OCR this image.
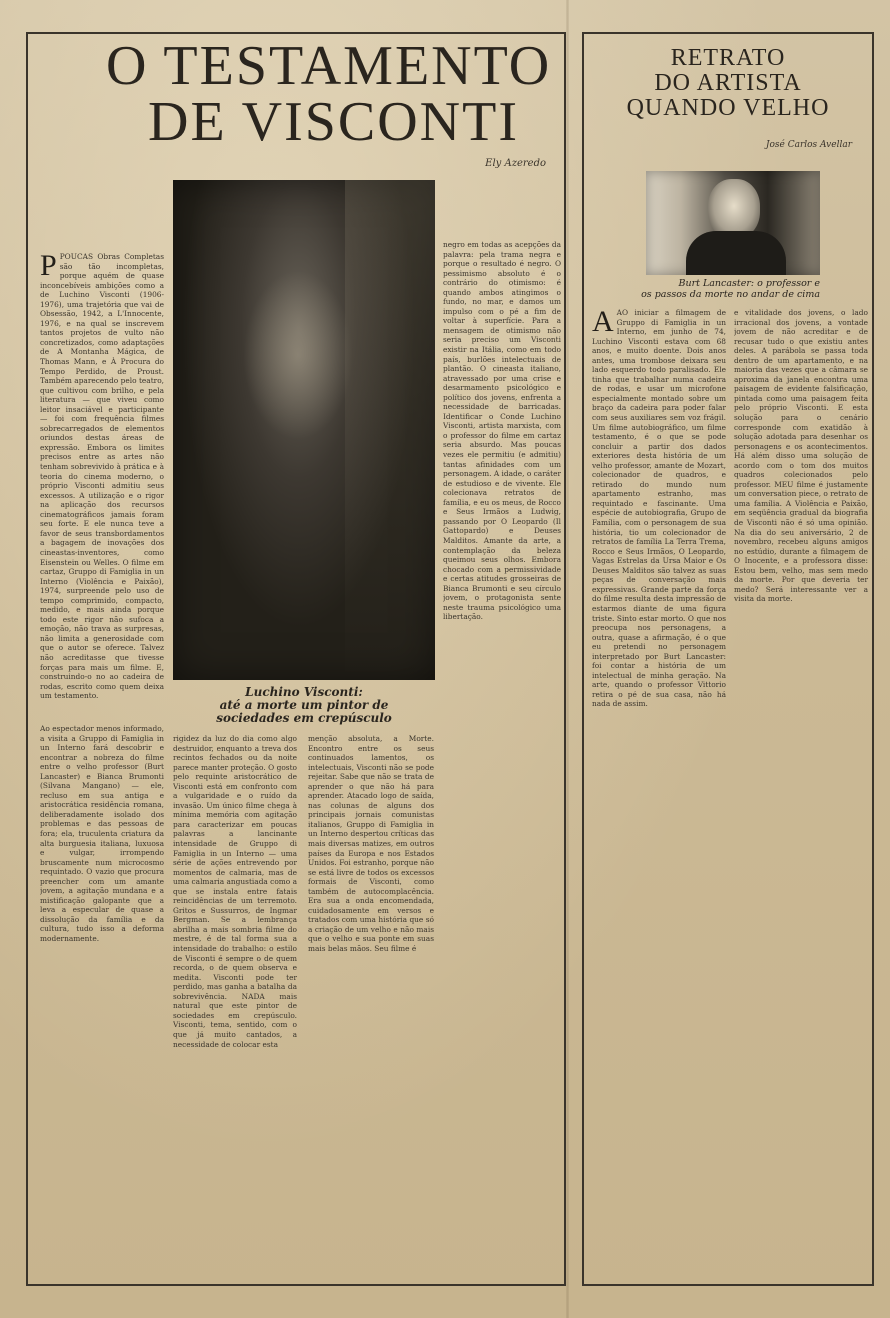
O TESTAMENTO
DE VISCONTI
Ely Azeredo
Luchino Visconti:
até a morte um pintor de
sociedades em crepúsculo
P POUCAS Obras Completas são tão incompletas, porque aquém de quase inconcebíveis ambições como a de Luchino Visconti (1906-1976), uma trajetória que vai de Obsessão, 1942, a L'Innocente, 1976, e na qual se inscrevem tantos projetos de vulto não concretizados, como adaptações de A Montanha Mágica, de Thomas Mann, e À Procura do Tempo Perdido, de Proust. Também aparecendo pelo teatro, que cultivou com brilho, e pela literatura — que viveu como leitor insaciável e participante — foi com frequência filmes sobrecarregados de elementos oriundos destas áreas de expressão. Embora os limites precisos entre as artes não tenham sobrevivido à prática e à teoria do cinema moderno, o próprio Visconti admitiu seus excessos. A utilização e o rigor na aplicação dos recursos cinematográficos jamais foram seu forte. E ele nunca teve a favor de seus transbordamentos a bagagem de inovações dos cineastas-inventores, como Eisenstein ou Welles. O filme em cartaz, Gruppo di Famiglia in un Interno (Violência e Paixão), 1974, surpreende pelo uso de tempo comprimido, compacto, medido, e mais ainda porque todo este rigor não sufoca a emoção, não trava as surpresas, não limita a generosidade com que o autor se oferece. Talvez não acreditasse que tivesse forças para mais um filme. E, construindo-o no ao cadeira de rodas, escrito como quem deixa um testamento.
Ao espectador menos informado, a visita a Gruppo di Famiglia in un Interno fará descobrir e encontrar a nobreza do filme entre o velho professor (Burt Lancaster) e Bianca Brumonti (Silvana Mangano) — ele, recluso em sua antiga e aristocrática residência romana, deliberadamente isolado dos problemas e das pessoas de fora; ela, truculenta criatura da alta burguesia italiana, luxuosa e vulgar, irrompendo bruscamente num microcosmo requintado. O vazio que procura preencher com um amante jovem, a agitação mundana e a mistificação galopante que a leva a especular de quase a dissolução da família e da cultura, tudo isso a deforma modernamente.
rigidez da luz do dia como algo destruidor, enquanto a treva dos recintos fechados ou da noite parece manter proteção. O gosto pelo requinte aristocrático de Visconti está em confronto com a vulgaridade e o ruído da invasão. Um único filme chega à mínima memória com agitação para caracterizar em poucas palavras a lancinante intensidade de Gruppo di Famiglia in un Interno — uma série de ações entrevendo por momentos de calmaria, mas de uma calmaria angustiada como a que se instala entre fatais reincidências de um terremoto. Gritos e Sussurros, de Ingmar Bergman. Se a lembrança abrilha a mais sombria filme do mestre, é de tal forma sua a intensidade do trabalho: o estilo de Visconti é sempre o de quem recorda, o de quem observa e medita. Visconti pode ter perdido, mas ganha a batalha da sobrevivência. NADA mais natural que este pintor de sociedades em crepúsculo. Visconti, tema, sentido, com o que já muito cantados, a necessidade de colocar esta
negro em todas as acepções da palavra: pela trama negra e porque o resultado é negro. O pessimismo absoluto é o contrário do otimismo: é quando ambos atingimos o fundo, no mar, e damos um impulso com o pé a fim de voltar à superfície. Para a mensagem de otimismo não seria preciso um Visconti existir na Itália, como em todo país, burlões intelectuais de plantão. O cineasta italiano, atravessado por uma crise e desarmamento psicológico e político dos jovens, enfrenta a necessidade de barricadas. Identificar o Conde Luchino Visconti, artista marxista, com o professor do filme em cartaz seria absurdo. Mas poucas vezes ele permitiu (e admitiu) tantas afinidades com um personagem. A idade, o caráter de estudioso e de vivente. Ele colecionava retratos de família, e eu os meus, de Rocco e Seus Irmãos a Ludwig, passando por O Leopardo (Il Gattopardo) e Deuses Malditos. Amante da arte, a contemplação da beleza queimou seus olhos. Embora chocado com a permissividade e certas atitudes grosseiras de Bianca Brumonti e seu círculo jovem, o protagonista sente neste trauma psicológico uma libertação.
menção absoluta, a Morte. Encontro entre os seus continuados lamentos, os intelectuais, Visconti não se pode rejeitar. Sabe que não se trata de aprender o que não há para aprender. Atacado logo de saída, nas colunas de alguns dos principais jornais comunistas italianos, Gruppo di Famiglia in un Interno despertou críticas das mais diversas matizes, em outros países da Europa e nos Estados Unidos. Foi estranho, porque não se está livre de todos os excessos formais de Visconti, como também de autocomplacência. Era sua a onda encomendada, cuidadosamente em versos e tratados com uma história que só a criação de um velho e não mais que o velho e sua ponte em suas mais belas mãos. Seu filme é
RETRATO
DO ARTISTA
QUANDO VELHO
José Carlos Avellar
Burt Lancaster: o professor e
os passos da morte no andar de cima
A AO iniciar a filmagem de Gruppo di Famiglia in un Interno, em junho de 74, Luchino Visconti estava com 68 anos, e muito doente. Dois anos antes, uma trombose deixara seu lado esquerdo todo paralisado. Ele tinha que trabalhar numa cadeira de rodas, e usar um microfone especialmente montado sobre um braço da cadeira para poder falar com seus auxiliares sem voz frágil. Um filme autobiográfico, um filme testamento, é o que se pode concluir a partir dos dados exteriores desta história de um velho professor, amante de Mozart, colecionador de quadros, e retirado do mundo num apartamento estranho, mas requintado e fascinante. Uma espécie de autobiografia, Grupo de Família, com o personagem de sua história, tio um colecionador de retratos de família La Terra Trema, Rocco e Seus Irmãos, O Leopardo, Vagas Estrelas da Ursa Maior e Os Deuses Malditos são talvez as suas peças de conversação mais expressivas. Grande parte da força do filme resulta desta impressão de estarmos diante de uma figura triste. Sinto estar morto. O que nos preocupa nos personagens, a outra, quase a afirmação, é o que eu pretendi no personagem interpretado por Burt Lancaster: foi contar a história de um intelectual de minha geração. Na arte, quando o professor Vittorio retira o pé de sua casa, não há nada de assim.
e vitalidade dos jovens, o lado irracional dos jovens, a vontade jovem de não acreditar e de recusar tudo o que existiu antes deles. A parábola se passa toda dentro de um apartamento, e na maioria das vezes que a câmara se aproxima da janela encontra uma paisagem de evidente falsificação, pintada como uma paisagem feita pelo próprio Visconti. E esta solução para o cenário corresponde com exatidão à solução adotada para desenhar os personagens e os acontecimentos. Há além disso uma solução de acordo com o tom dos muitos quadros colecionados pelo professor. MEU filme é justamente um conversation piece, o retrato de uma família. A Violência e Paixão, em seqüência gradual da biografia de Visconti não é só uma opinião. Na dia do seu aniversário, 2 de novembro, recebeu alguns amigos no estúdio, durante a filmagem de O Inocente, e a professora disse: Estou bem, velho, mas sem medo da morte. Por que deveria ter medo? Será interessante ver a visita da morte.
